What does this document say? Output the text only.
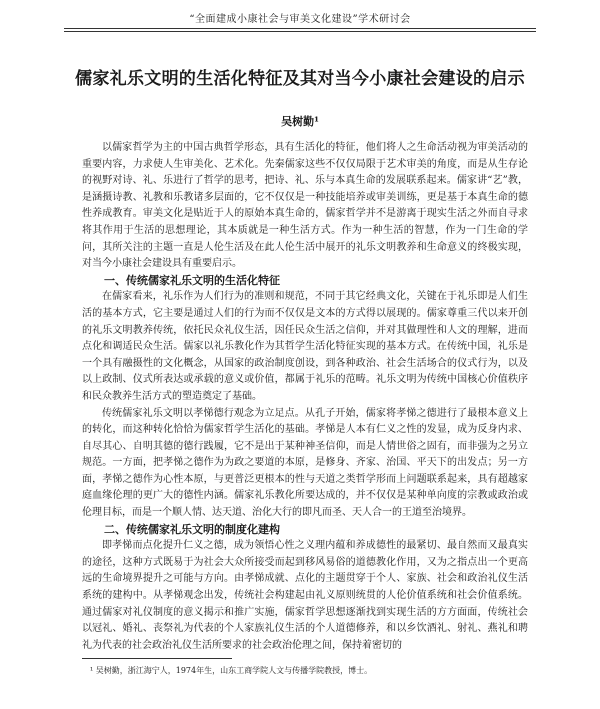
“全面建成小康社会与审美文化建设”学术研讨会
儒家礼乐文明的生活化特征及其对当今小康社会建设的启示
吴树勤¹

以儒家哲学为主的中国古典哲学形态，具有生活化的特征，他们将人之生命活动视为审美活动的重要内容，力求使人生审美化、艺术化。先秦儒家这些不仅仅局限于艺术审美的角度，而是从生存论的视野对诗、礼、乐进行了哲学的思考，把诗、礼、乐与本真生命的发展联系起来。儒家讲“艺”教，是涵摄诗教、礼教和乐教诸多层面的，它不仅仅是一种技能培养或审美训练，更是基于本真生命的德性养成教育。审美文化是贴近于人的原始本真生命的，儒家哲学并不是游离于现实生活之外而自寻求将其作用于生活的思想理论，其本质就是一种生活方式。作为一种生活的智慧，作为一门生命的学问，其所关注的主题一直是人伦生活及在此人伦生活中展开的礼乐文明教养和生命意义的终极实现，对当今小康社会建设具有重要启示。

一、传统儒家礼乐文明的生活化特征

在儒家看来，礼乐作为人们行为的准则和规范，不同于其它经典文化，关键在于礼乐即是人们生活的基本方式，它主要是通过人们的行为而不仅仅是文本的方式得以展现的。儒家尊重三代以来开创的礼乐文明教养传统，依托民众礼仪生活，因任民众生活之信仰，并对其做理性和人文的理解，进而点化和调适民众生活。儒家以礼乐教化作为其哲学生活化特征实现的基本方式。在传统中国，礼乐是一个具有融摄性的文化概念，从国家的政治制度创设，到各种政治、社会生活场合的仪式行为，以及以上政制、仪式所表达或承载的意义或价值，都属于礼乐的范畴。礼乐文明为传统中国核心价值秩序和民众教养生活方式的塑造奠定了基础。

传统儒家礼乐文明以孝悌德行观念为立足点。从孔子开始，儒家将孝悌之德进行了最根本意义上的转化，而这种转化恰恰为儒家哲学生活化的基础。孝悌是人本有仁义之性的发显，成为反身内求、自尽其心、自明其德的德行践履，它不是出于某种神圣信仰，而是人情世俗之固有，而非强为之另立规范。一方面，把孝悌之德作为为政之要道的本原，是修身、齐家、治国、平天下的出发点；另一方面，孝悌之德作为心性本原，与更普泛更根本的性与天道之类哲学形而上问题联系起来，具有超越家庭血缘伦理的更广大的德性内涵。儒家礼乐教化所要达成的，并不仅仅是某种单向度的宗教或政治或伦理目标，而是一个顺人情、达天道、治化大行的即凡而圣、天人合一的王道至治境界。

二、传统儒家礼乐文明的制度化建构

即孝悌而点化提升仁义之德，成为领悟心性之义理内蕴和养成德性的最紧切、最自然而又最真实的途径，这种方式既易于为社会大众所接受而起到移风易俗的道德教化作用，又为之指点出一个更高远的生命境界提升之可能与方向。由孝悌成就、点化的主题贯穿于个人、家族、社会和政治礼仪生活系统的建构中。从孝悌观念出发，传统社会构建起由礼义原则统贯的人伦价值系统和社会价值系统。通过儒家对礼仪制度的意义揭示和推广实施，儒家哲学思想逐渐找到实现生活的方方面面，传统社会以冠礼、婚礼、丧祭礼为代表的个人家族礼仪生活的个人道德修养，和以乡饮酒礼、射礼、燕礼和聘礼为代表的社会政治礼仪生活所要求的社会政治伦理之间，保持着密切的

¹ 吴树勤，浙江海宁人，1974年生，山东工商学院人文与传播学院教授，博士。
